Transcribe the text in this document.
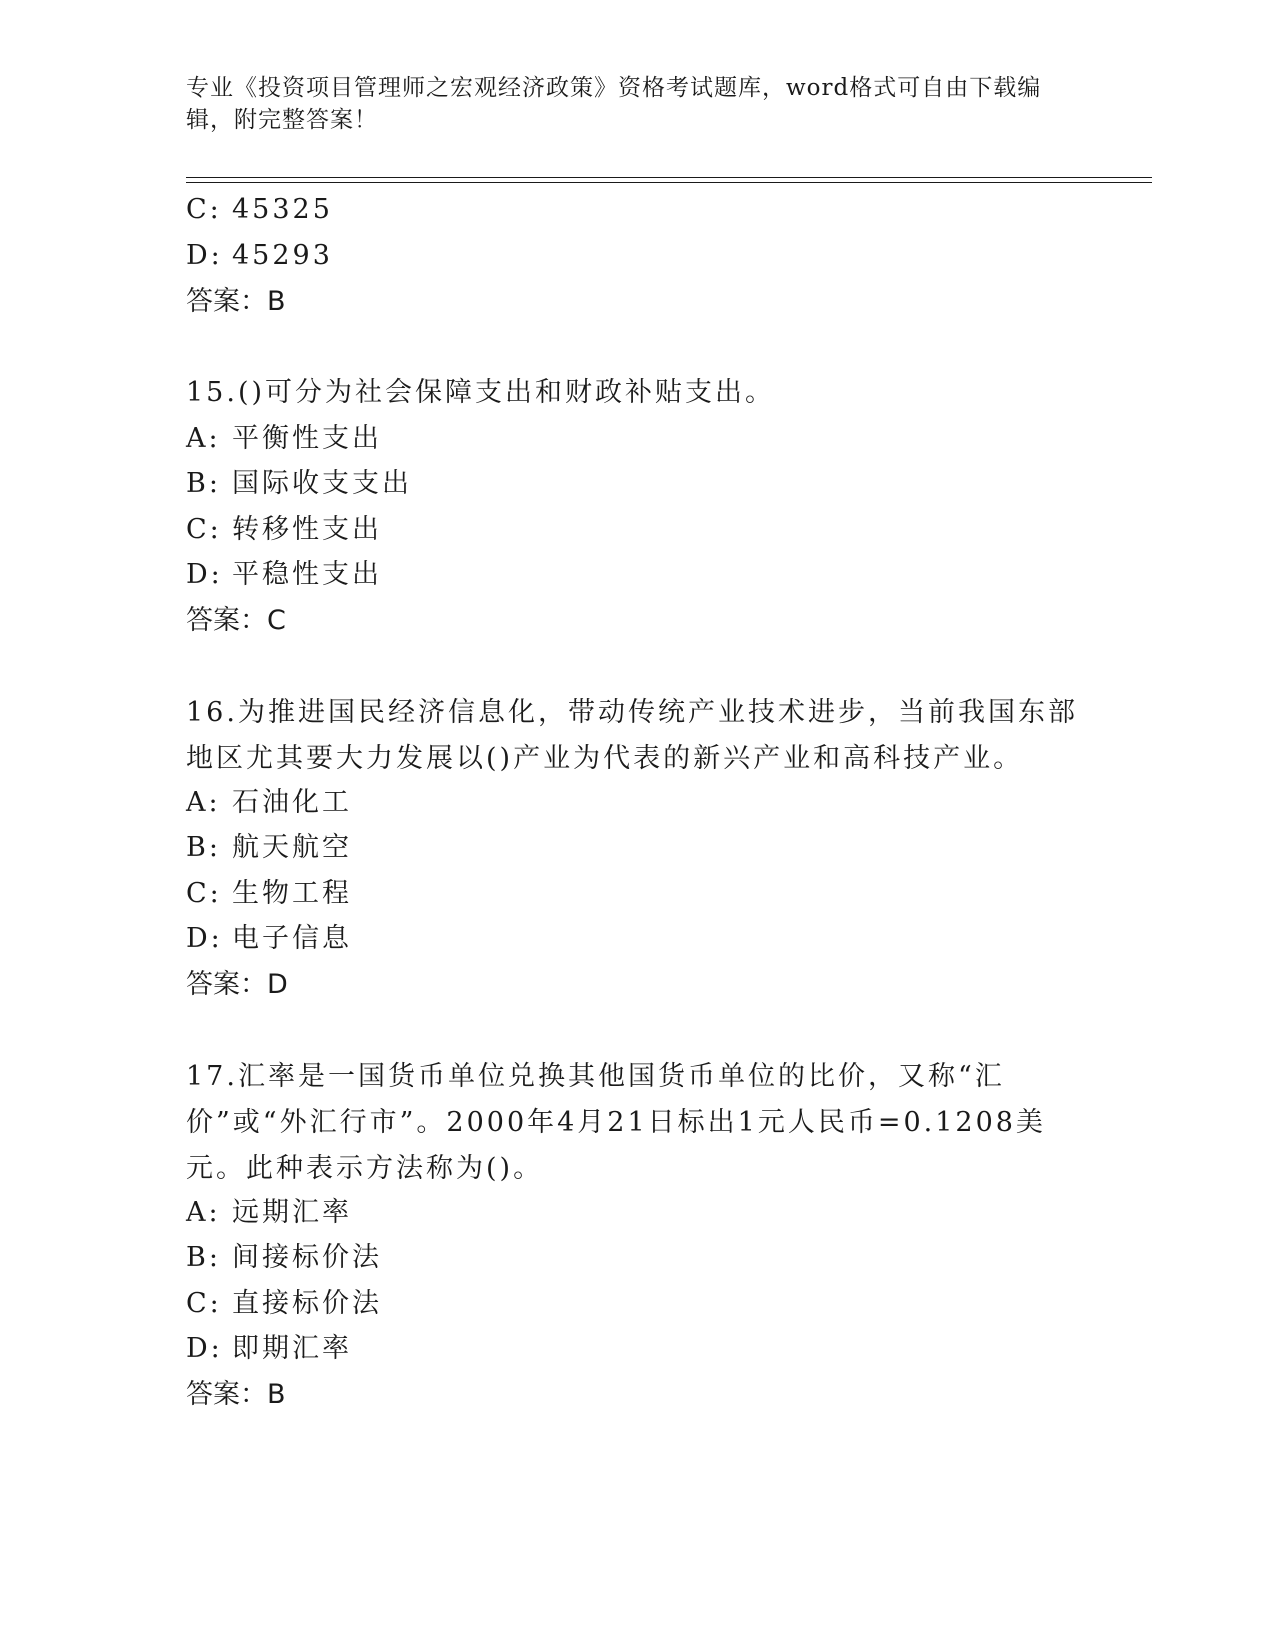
专业《投资项目管理师之宏观经济政策》资格考试题库，word格式可自由下载编辑，附完整答案！
C: 45325
D: 45293
答案：B
15.()可分为社会保障支出和财政补贴支出。
A: 平衡性支出
B: 国际收支支出
C: 转移性支出
D: 平稳性支出
答案：C
16.为推进国民经济信息化，带动传统产业技术进步，当前我国东部地区尤其要大力发展以()产业为代表的新兴产业和高科技产业。
A: 石油化工
B: 航天航空
C: 生物工程
D: 电子信息
答案：D
17.汇率是一国货币单位兑换其他国货币单位的比价，又称“汇价”或“外汇行市”。2000年4月21日标出1元人民币=0.1208美元。此种表示方法称为()。
A: 远期汇率
B: 间接标价法
C: 直接标价法
D: 即期汇率
答案：B
